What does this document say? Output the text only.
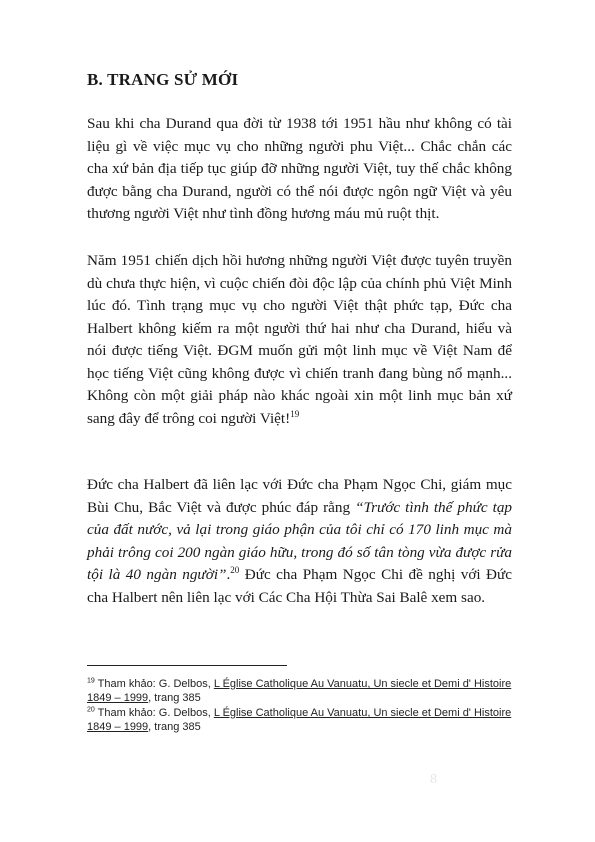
B. TRANG SỬ MỚI

Sau khi cha Durand qua đời từ 1938 tới 1951 hầu như không có tài liệu gì về việc mục vụ cho những người phu Việt... Chắc chắn các cha xứ bản địa tiếp tục giúp đỡ những người Việt, tuy thế chắc không được bằng cha Durand, người có thể nói được ngôn ngữ Việt và yêu thương người Việt như tình đồng hương máu mủ ruột thịt.

Năm 1951 chiến dịch hồi hương những người Việt được tuyên truyền dù chưa thực hiện, vì cuộc chiến đòi độc lập của chính phủ Việt Minh lúc đó. Tình trạng mục vụ cho người Việt thật phức tạp, Đức cha Halbert không kiếm ra một người thứ hai như cha Durand, hiểu và nói được tiếng Việt. ĐGM muốn gửi một linh mục về Việt Nam để học tiếng Việt cũng không được vì chiến tranh đang bùng nổ mạnh... Không còn một giải pháp nào khác ngoài xin một linh mục bản xứ sang đây để trông coi người Việt!$^{19}$

Đức cha Halbert đã liên lạc với Đức cha Phạm Ngọc Chi, giám mục Bùi Chu, Bắc Việt và được phúc đáp rằng “Trước tình thế phức tạp của đất nước, vả lại trong giáo phận của tôi chỉ có 170 linh mục mà phải trông coi 200 ngàn giáo hữu, trong đó số tân tòng vừa được rửa tội là 40 ngàn người”.$^{20}$ Đức cha Phạm Ngọc Chi đề nghị với Đức cha Halbert nên liên lạc với Các Cha Hội Thừa Sai Balê xem sao.

$^{19}$ Tham khảo: G. Delbos, L Église Catholique Au Vanuatu, Un siecle et Demi d' Histoire 1849 – 1999, trang 385

$^{20}$ Tham khảo: G. Delbos, L Église Catholique Au Vanuatu, Un siecle et Demi d' Histoire 1849 – 1999, trang 385

8
